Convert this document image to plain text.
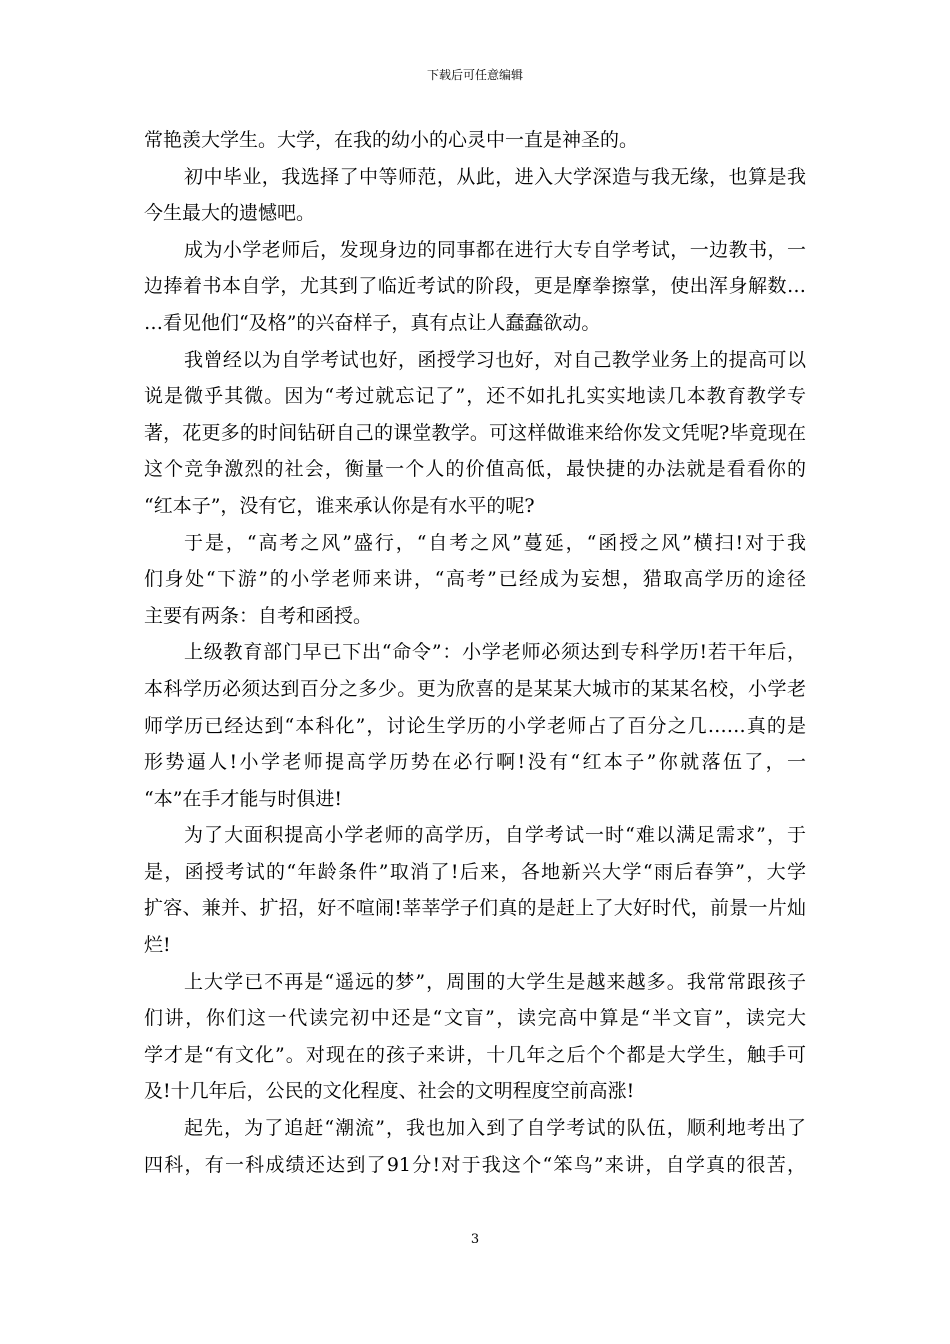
下载后可任意编辑
常艳羡大学生。大学，在我的幼小的心灵中一直是神圣的。
初中毕业，我选择了中等师范，从此，进入大学深造与我无缘，也算是我
今生最大的遗憾吧。
成为小学老师后，发现身边的同事都在进行大专自学考试，一边教书，一
边捧着书本自学，尤其到了临近考试的阶段，更是摩拳擦掌，使出浑身解数…
…看见他们“及格”的兴奋样子，真有点让人蠢蠢欲动。
我曾经以为自学考试也好，函授学习也好，对自己教学业务上的提高可以
说是微乎其微。因为“考过就忘记了”，还不如扎扎实实地读几本教育教学专
著，花更多的时间钻研自己的课堂教学。可这样做谁来给你发文凭呢?毕竟现在
这个竞争激烈的社会，衡量一个人的价值高低，最快捷的办法就是看看你的
“红本子”，没有它，谁来承认你是有水平的呢?
于是，“高考之风”盛行，“自考之风”蔓延，“函授之风”横扫!对于我
们身处“下游”的小学老师来讲，“高考”已经成为妄想，猎取高学历的途径
主要有两条：自考和函授。
上级教育部门早已下出“命令”：小学老师必须达到专科学历!若干年后，
本科学历必须达到百分之多少。更为欣喜的是某某大城市的某某名校，小学老
师学历已经达到“本科化”，讨论生学历的小学老师占了百分之几……真的是
形势逼人!小学老师提高学历势在必行啊!没有“红本子”你就落伍了，一
“本”在手才能与时俱进!
为了大面积提高小学老师的高学历，自学考试一时“难以满足需求”，于
是，函授考试的“年龄条件”取消了!后来，各地新兴大学“雨后春笋”，大学
扩容、兼并、扩招，好不喧闹!莘莘学子们真的是赶上了大好时代，前景一片灿
烂!
上大学已不再是“遥远的梦”，周围的大学生是越来越多。我常常跟孩子
们讲，你们这一代读完初中还是“文盲”，读完高中算是“半文盲”，读完大
学才是“有文化”。对现在的孩子来讲，十几年之后个个都是大学生，触手可
及!十几年后，公民的文化程度、社会的文明程度空前高涨!
起先，为了追赶“潮流”，我也加入到了自学考试的队伍，顺利地考出了
四科，有一科成绩还达到了91分!对于我这个“笨鸟”来讲，自学真的很苦，
3
